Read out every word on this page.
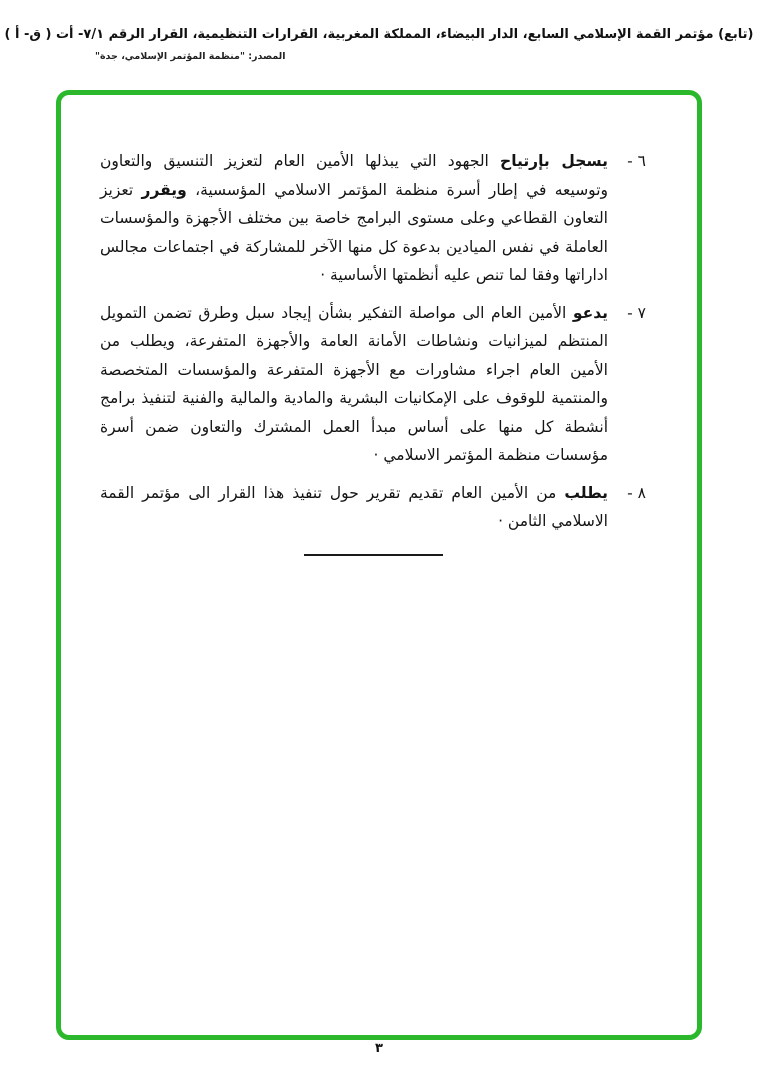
(تابع) مؤتمر القمة الإسلامي السابع، الدار البيضاء، المملكة المغربية، القرارات التنظيمية، القرار الرقم ٧/١- أت ( ق- أ )
المصدر: "منظمة المؤتمر الإسلامي، جدة"
٦ -
يسجل بإرتياح الجهود التي يبذلها الأمين العام لتعزيز التنسيق والتعاون وتوسيعه في إطار أسرة منظمة المؤتمر الاسلامي المؤسسية، ويقرر تعزيز التعاون القطاعي وعلى مستوى البرامج خاصة بين مختلف الأجهزة والمؤسسات العاملة في نفس الميادين بدعوة كل منها الآخر للمشاركة في اجتماعات مجالس اداراتها وفقا لما تنص عليه أنظمتها الأساسية ·
٧ -
يدعو الأمين العام الى مواصلة التفكير بشأن إيجاد سبل وطرق تضمن التمويل المنتظم لميزانيات ونشاطات الأمانة العامة والأجهزة المتفرعة، ويطلب من الأمين العام اجراء مشاورات مع الأجهزة المتفرعة والمؤسسات المتخصصة والمنتمية للوقوف على الإمكانيات البشرية والمادية والمالية والفنية لتنفيذ برامج أنشطة كل منها على أساس مبدأ العمل المشترك والتعاون ضمن أسرة مؤسسات منظمة المؤتمر الاسلامي ·
٨ -
يطلب من الأمين العام تقديم تقرير حول تنفيذ هذا القرار الى مؤتمر القمة الاسلامي الثامن ·
٣
